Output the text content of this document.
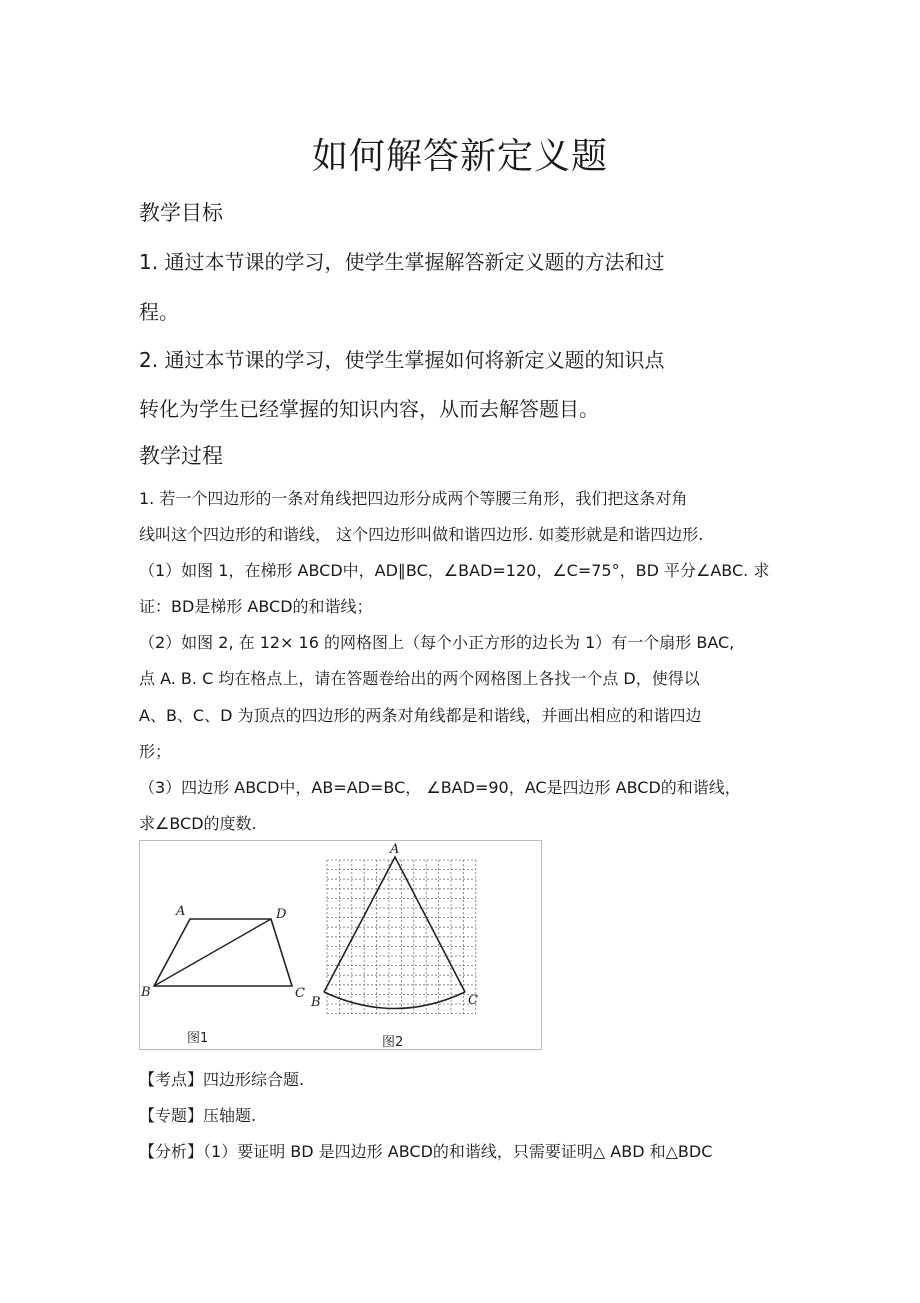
如何解答新定义题
教学目标
1. 通过本节课的学习，使学生掌握解答新定义题的方法和过
程。
2. 通过本节课的学习，使学生掌握如何将新定义题的知识点
转化为学生已经掌握的知识内容，从而去解答题目。
教学过程
1. 若一个四边形的一条对角线把四边形分成两个等腰三角形，我们把这条对角
线叫这个四边形的和谐线， 这个四边形叫做和谐四边形. 如菱形就是和谐四边形.
（1）如图 1，在梯形 ABCD中，AD∥BC，∠BAD=120，∠C=75°，BD 平分∠ABC. 求
证：BD是梯形 ABCD的和谐线；
（2）如图 2, 在 12× 16 的网格图上（每个小正方形的边长为 1）有一个扇形 BAC,
点 A. B. C 均在格点上，请在答题卷给出的两个网格图上各找一个点 D，使得以
A、B、C、D 为顶点的四边形的两条对角线都是和谐线，并画出相应的和谐四边
形；
（3）四边形 ABCD中，AB=AD=BC， ∠BAD=90，AC是四边形 ABCD的和谐线，
求∠BCD的度数.
A	D
B	C
图1
A
B	C
图2
【考点】四边形综合题.
【专题】压轴题.
【分析】（1）要证明 BD 是四边形 ABCD的和谐线，只需要证明△ ABD 和△BDC
